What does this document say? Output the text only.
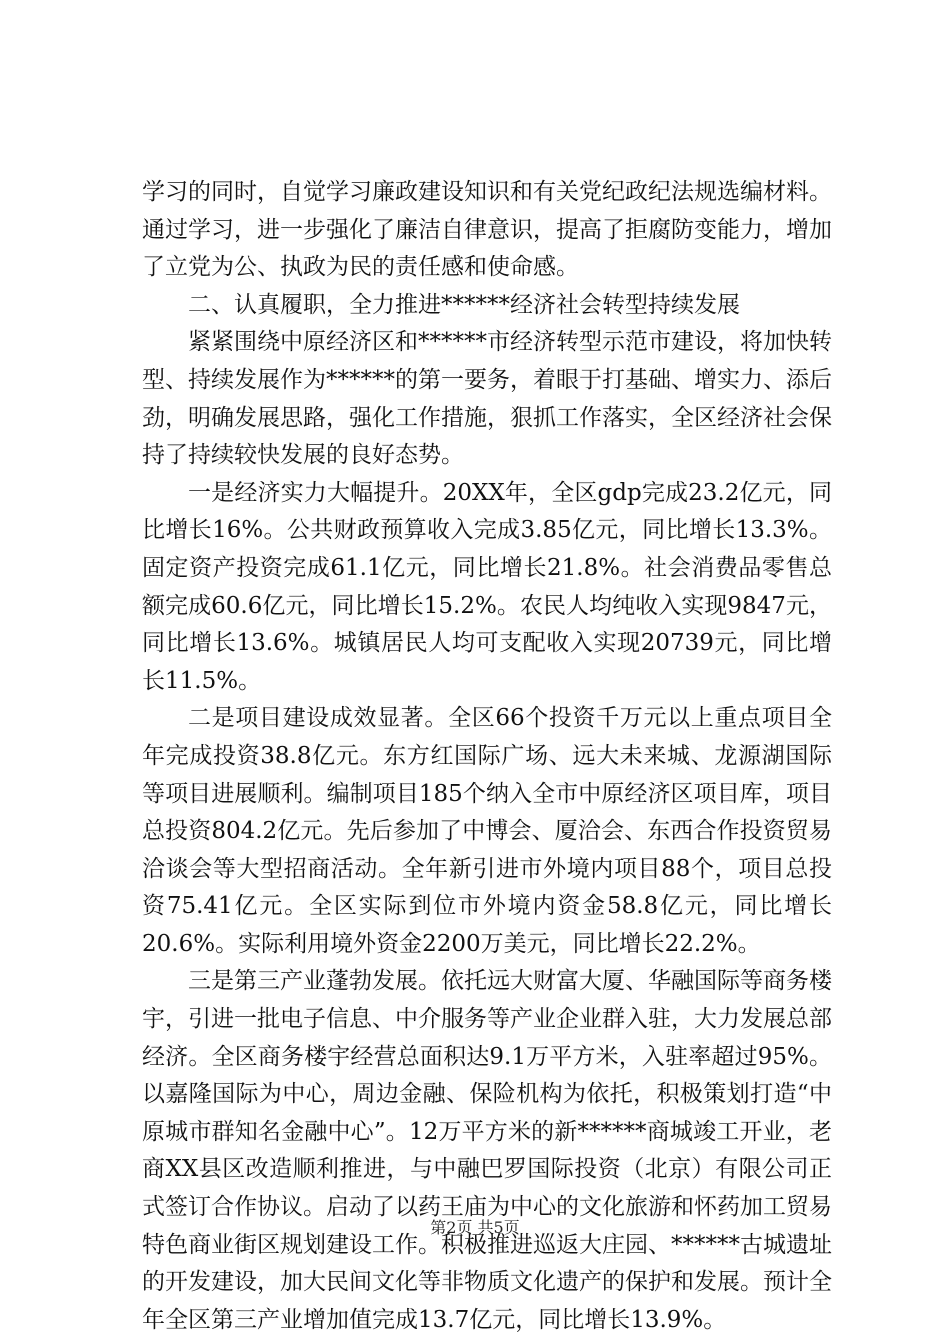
学习的同时，自觉学习廉政建设知识和有关党纪政纪法规选编材料。通过学习，进一步强化了廉洁自律意识，提高了拒腐防变能力，增加了立党为公、执政为民的责任感和使命感。

二、认真履职，全力推进******经济社会转型持续发展

紧紧围绕中原经济区和******市经济转型示范市建设，将加快转型、持续发展作为******的第一要务，着眼于打基础、增实力、添后劲，明确发展思路，强化工作措施，狠抓工作落实，全区经济社会保持了持续较快发展的良好态势。

一是经济实力大幅提升。20XX年，全区gdp完成23.2亿元，同比增长16%。公共财政预算收入完成3.85亿元，同比增长13.3%。固定资产投资完成61.1亿元，同比增长21.8%。社会消费品零售总额完成60.6亿元，同比增长15.2%。农民人均纯收入实现9847元，同比增长13.6%。城镇居民人均可支配收入实现20739元，同比增长11.5%。

二是项目建设成效显著。全区66个投资千万元以上重点项目全年完成投资38.8亿元。东方红国际广场、远大未来城、龙源湖国际等项目进展顺利。编制项目185个纳入全市中原经济区项目库，项目总投资804.2亿元。先后参加了中博会、厦洽会、东西合作投资贸易洽谈会等大型招商活动。全年新引进市外境内项目88个，项目总投资75.41亿元。全区实际到位市外境内资金58.8亿元，同比增长20.6%。实际利用境外资金2200万美元，同比增长22.2%。

三是第三产业蓬勃发展。依托远大财富大厦、华融国际等商务楼宇，引进一批电子信息、中介服务等产业企业群入驻，大力发展总部经济。全区商务楼宇经营总面积达9.1万平方米，入驻率超过95%。以嘉隆国际为中心，周边金融、保险机构为依托，积极策划打造“中原城市群知名金融中心”。12万平方米的新******商城竣工开业，老商XX县区改造顺利推进，与中融巴罗国际投资（北京）有限公司正式签订合作协议。启动了以药王庙为中心的文化旅游和怀药加工贸易特色商业街区规划建设工作。积极推进巡返大庄园、******古城遗址的开发建设，加大民间文化等非物质文化遗产的保护和发展。预计全年全区第三产业增加值完成13.7亿元，同比增长13.9%。

第2页 共5页
